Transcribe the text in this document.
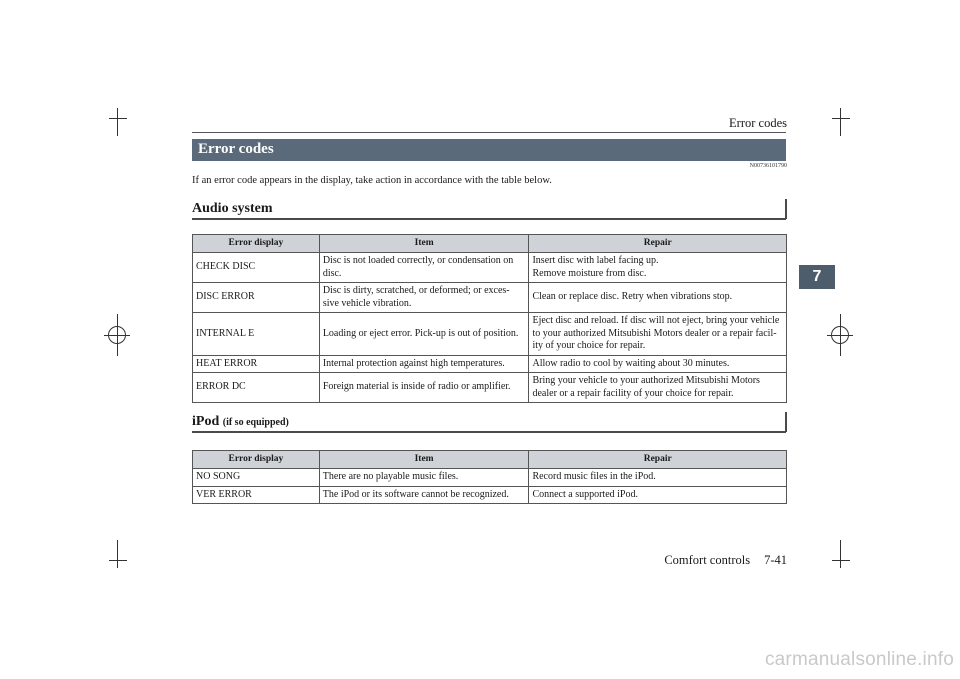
Error codes
Error codes
N00736101790
If an error code appears in the display, take action in accordance with the table below.
Audio system
Error display	Item	Repair
CHECK DISC	Disc is not loaded correctly, or condensation on disc.	Insert disc with label facing up.
Remove moisture from disc.

DISC ERROR	Disc is dirty, scratched, or deformed; or exces-sive vehicle vibration.	Clean or replace disc. Retry when vibrations stop.
INTERNAL E	Loading or eject error. Pick-up is out of position.	Eject disc and reload. If disc will not eject, bring your vehicle to your authorized Mitsubishi Motors dealer or a repair facil-ity of your choice for repair.
HEAT ERROR	Internal protection against high temperatures.	Allow radio to cool by waiting about 30 minutes.
ERROR DC	Foreign material is inside of radio or amplifier.	Bring your vehicle to your authorized Mitsubishi Motors dealer or a repair facility of your choice for repair.
iPod (if so equipped)
Error display	Item	Repair
NO SONG	There are no playable music files.	Record music files in the iPod.
VER ERROR	The iPod or its software cannot be recognized.	Connect a supported iPod.
7
Comfort controls 7-41
carmanualsonline.info
